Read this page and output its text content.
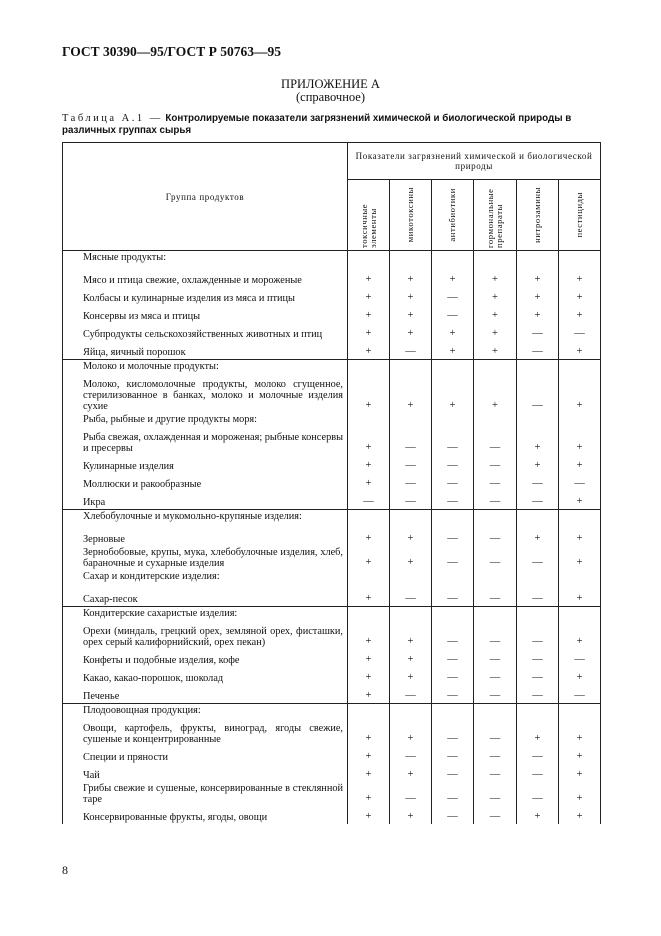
ГОСТ 30390—95/ГОСТ Р 50763—95
ПРИЛОЖЕНИЕ А
(справочное)
Таблица А.1 — Контролируемые показатели загрязнений химической и биологической природы в различных группах сырья
Группа продуктов	Показатели загрязнений химической и биологической природы					

	токсичные элементы	микотоксины	антибиотики	гормональные препараты	нитрозамины	пестициды

Мясные продукты:						
Мясо и птица свежие, охлажденные и мороженые	+	+	+	+	+	+
Колбасы и кулинарные изделия из мяса и птицы	+	+	—	+	+	+
Консервы из мяса и птицы	+	+	—	+	+	+
Субпродукты сельскохозяйственных животных и птиц	+	+	+	+	—	—
Яйца, яичный порошок	+	—	+	+	—	+
Молоко и молочные продукты:						
Молоко, кисломолочные продукты, молоко сгущенное, стерилизованное в банках, молоко и молочные изделия сухие	+	+	+	+	—	+
Рыба, рыбные и другие продукты моря:						
Рыба свежая, охлажденная и мороженая; рыбные консервы и пресервы	+	—	—	—	+	+
Кулинарные изделия	+	—	—	—	+	+
Моллюски и ракообразные	+	—	—	—	—	—
Икра	—	—	—	—	—	+
Хлебобулочные и мукомольно-крупяные изделия:						
Зерновые	+	+	—	—	+	+
Зернобобовые, крупы, мука, хлебобулочные изделия, хлеб, бараночные и сухарные изделия	+	+	—	—	—	+
Сахар и кондитерские изделия:						
Сахар-песок	+	—	—	—	—	+
Кондитерские сахаристые изделия:						
Орехи (миндаль, грецкий орех, земляной орех, фисташки, орех серый калифорнийский, орех пекан)	+	+	—	—	—	+
Конфеты и подобные изделия, кофе	+	+	—	—	—	—
Какао, какао-порошок, шоколад	+	+	—	—	—	+
Печенье	+	—	—	—	—	—
Плодоовощная продукция:						
Овощи, картофель, фрукты, виноград, ягоды свежие, сушеные и концентрированные	+	+	—	—	+	+
Специи и пряности	+	—	—	—	—	+
Чай	+	+	—	—	—	+
Грибы свежие и сушеные, консервированные в стеклянной таре	+	—	—	—	—	+
Консервированные фрукты, ягоды, овощи	+	+	—	—	+	+
8
